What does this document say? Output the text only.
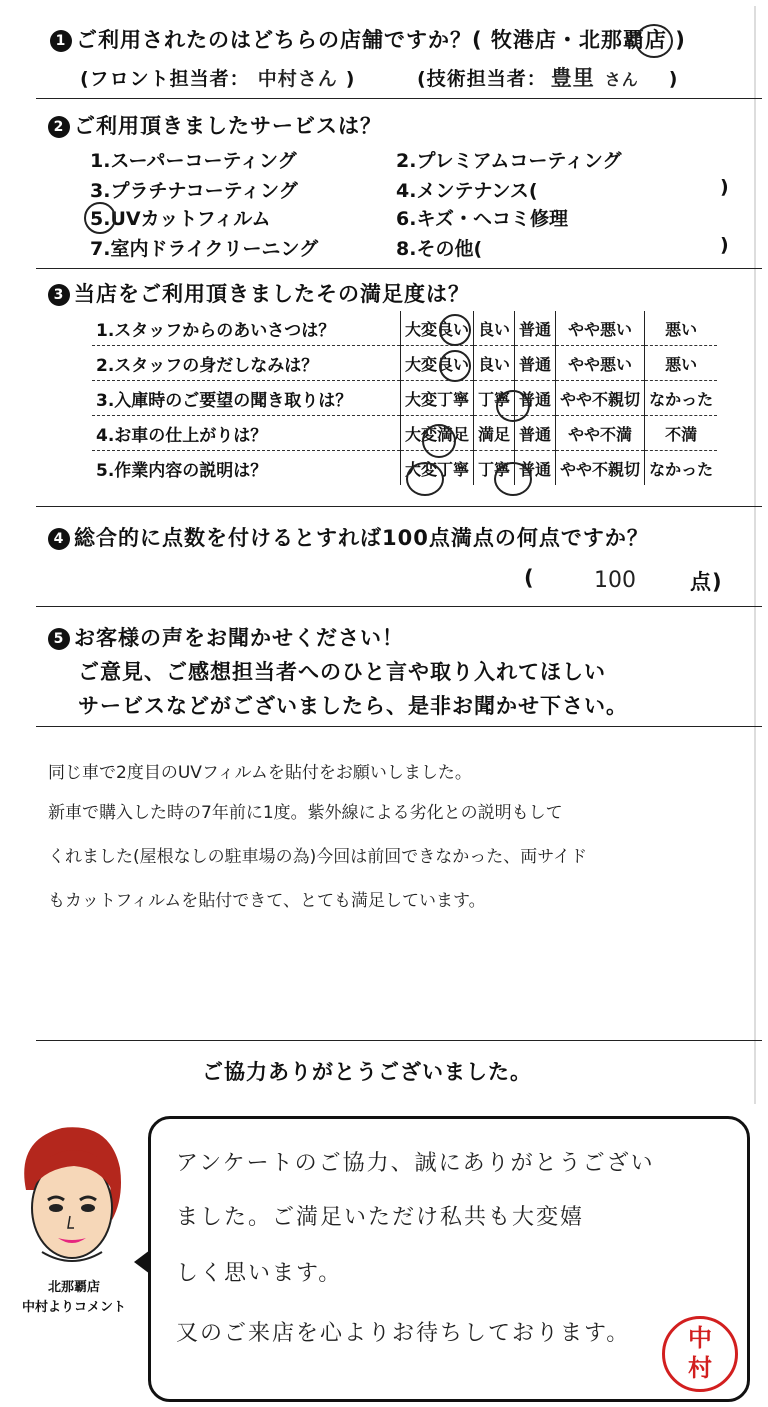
1 ご利用されたのはどちらの店舗ですか？( 牧港店・北那覇店 )
(フロント担当者： 中村さん )	(技術担当者： 豊里 さん )
2 ご利用頂きましたサービスは？
1.スーパーコーティング	2.プレミアムコーティング
3.プラチナコーティング	4.メンテナンス(	)
5.UVカットフィルム	6.キズ・ヘコミ修理
7.室内ドライクリーニング	8.その他(	)
3 当店をご利用頂きましたその満足度は？
1.スタッフからのあいさつは？	大変良い	良い	普通	やや悪い	悪い
2.スタッフの身だしなみは？	大変良い	良い	普通	やや悪い	悪い
3.入庫時のご要望の聞き取りは？	大変丁寧	丁寧	普通	やや不親切	なかった
4.お車の仕上がりは？	大変満足	満足	普通	やや不満	不満
5.作業内容の説明は？	大変丁寧	丁寧	普通	やや不親切	なかった
4 総合的に点数を付けるとすれば100点満点の何点ですか？
(	100	点)
5 お客様の声をお聞かせください！
ご意見、ご感想担当者へのひと言や取り入れてほしい
サービスなどがございましたら、是非お聞かせ下さい。
同じ車で2度目のUVフィルムを貼付をお願いしました。
新車で購入した時の7年前に1度。紫外線による劣化との説明もして
くれました(屋根なしの駐車場の為)今回は前回できなかった、両サイド
もカットフィルムを貼付できて、とても満足しています。
ご協力ありがとうございました。
北那覇店
中村よりコメント
アンケートのご協力、誠にありがとうござい
ました。ご満足いただけ私共も大変嬉
しく思います。
又のご来店を心よりお待ちしております。	中
村
